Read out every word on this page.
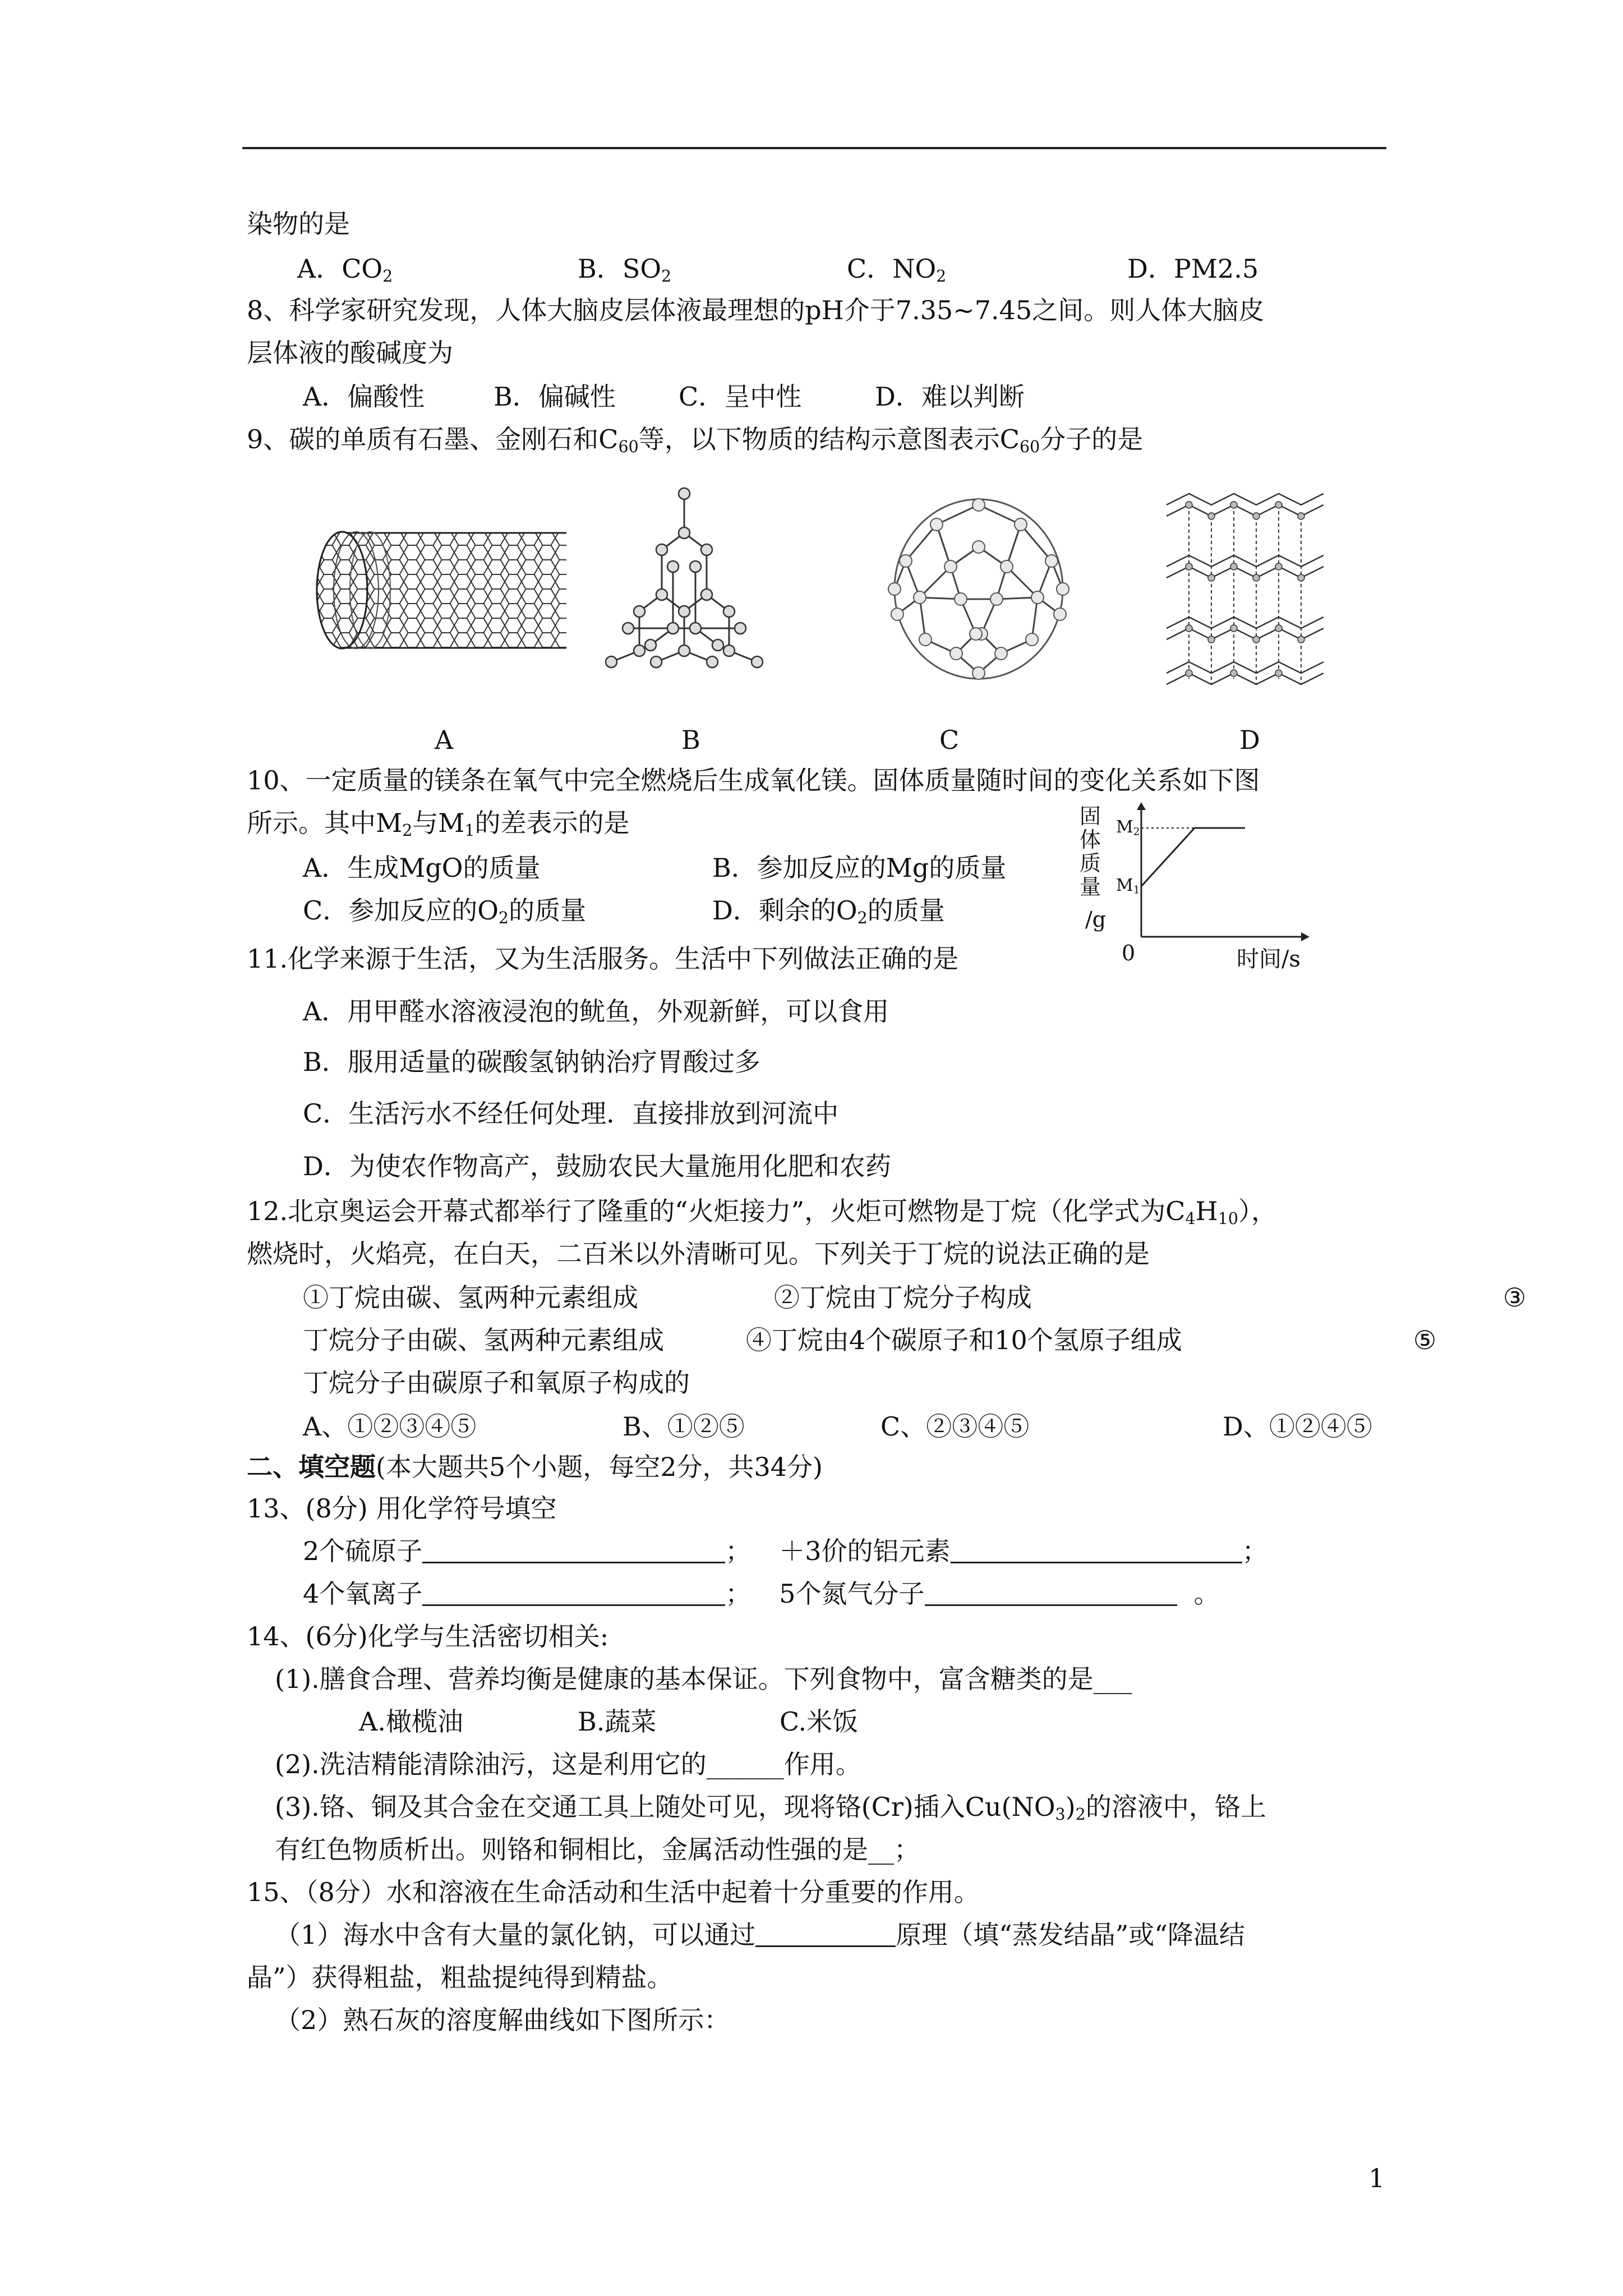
染物的是
A．$CO_2$	B．$SO_2$	C．$NO_2$	D．PM2.5
8、科学家研究发现，人体大脑皮层体液最理想的pH介于7.35~7.45之间。则人体大脑皮
层体液的酸碱度为
A．偏酸性	B．偏碱性 C．呈中性	D．难以判断
9、碳的单质有石墨、金刚石和$C_{60}$等，以下物质的结构示意图表示$C_{60}$分子的是
A	B	C	D
10、一定质量的镁条在氧气中完全燃烧后生成氧化镁。固体质量随时间的变化关系如下图
所示。其中$M_2$与$M_1$的差表示的是
A．生成MgO的质量	B．参加反应的Mg的质量
C．参加反应的$O_2$的质量	D．剩余的$O_2$的质量
固
体
质
量
/g
$M_2$
$M_1$
0	时间/s
11.化学来源于生活，又为生活服务。生活中下列做法正确的是
A．用甲醛水溶液浸泡的鱿鱼，外观新鲜，可以食用
B．服用适量的碳酸氢钠钠治疗胃酸过多
C．生活污水不经任何处理．直接排放到河流中
D．为使农作物高产，鼓励农民大量施用化肥和农药
12.北京奥运会开幕式都举行了隆重的“火炬接力”，火炬可燃物是丁烷（化学式为$C_4H_{10}$），
燃烧时，火焰亮，在白天，二百米以外清晰可见。下列关于丁烷的说法正确的是
①丁烷由碳、氢两种元素组成	②丁烷由丁烷分子构成	③
丁烷分子由碳、氢两种元素组成	④丁烷由4个碳原子和10个氢原子组成	⑤
丁烷分子由碳原子和氧原子构成的
A、①②③④⑤	B、①②⑤	C、②③④⑤	D、①②④⑤
二、填空题(本大题共5个小题，每空2分，共34分)
13、(8分) 用化学符号填空
2个硫原子	； ＋3价的铝元素	；
4个氧离子	； 5个氮气分子	。
14、(6分)化学与生活密切相关:
(1).膳食合理、营养均衡是健康的基本保证。下列食物中，富含糖类的是___
A.橄榄油	B.蔬菜	C.米饭
(2).洗洁精能清除油污，这是利用它的______作用。
(3).铬、铜及其合金在交通工具上随处可见，现将铬(Cr)插入$Cu(NO_3)_2$的溶液中，铬上
有红色物质析出。则铬和铜相比，金属活动性强的是__；
15、（8分）水和溶液在生命活动和生活中起着十分重要的作用。
（1）海水中含有大量的氯化钠，可以通过	原理（填“蒸发结晶”或“降温结
晶”）获得粗盐，粗盐提纯得到精盐。
（2）熟石灰的溶度解曲线如下图所示：
1
